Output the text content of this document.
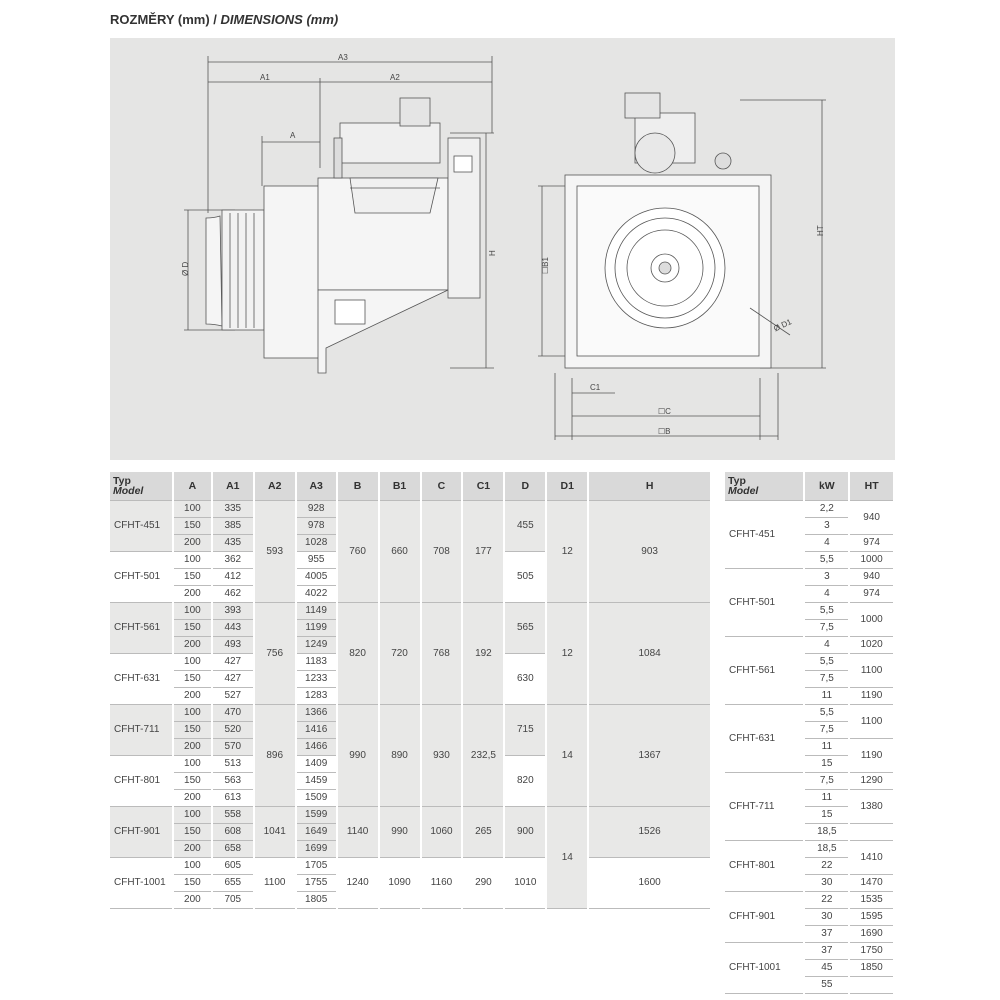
ROZMĚRY (mm) / DIMENSIONS (mm)
A3
A1	A2
A
H
Ø D	☐B1
HT
Ø D1
C1
☐C
☐B
Typ
Model	A	A1	A2	A3	B	B1	C	C1	D	D1	H
CFHT-451	100	335	593	928	760	660	708	177	455	12	903
	150	385		978							
	200	435		1028							
CFHT-501	100	362		955					505		
	150	412		4005							
	200	462		4022							
CFHT-561	100	393	756	1149	820	720	768	192	565	12	1084
	150	443		1199							
	200	493		1249							
CFHT-631	100	427		1183					630		
	150	427		1233							
	200	527		1283							
CFHT-711	100	470	896	1366	990	890	930	232,5	715	14	1367
	150	520		1416							
	200	570		1466							
CFHT-801	100	513		1409					820		
	150	563		1459							
	200	613		1509							
CFHT-901	100	558	1041	1599	1140	990	1060	265	900	14	1526
	150	608		1649							
	200	658		1699							
CFHT-1001	100	605	1100	1705	1240	1090	1160	290	1010		1600
	150	655		1755							
	200	705		1805							
Typ
Model	kW	HT
CFHT-451	2,2	940
	3	
	4	974
	5,5	1000
CFHT-501	3	940
	4	974
	5,5	1000
	7,5	
CFHT-561	4	1020
	5,5	1100
	7,5	
	11	1190
CFHT-631	5,5	1100
	7,5	
	11	1190
	15	
CFHT-711	7,5	1290
	11	1380
	15	
	18,5	
CFHT-801	18,5	1410
	22	
	30	1470
CFHT-901	22	1535
	30	1595
	37	1690
CFHT-1001	37	1750
	45	1850
	55	
